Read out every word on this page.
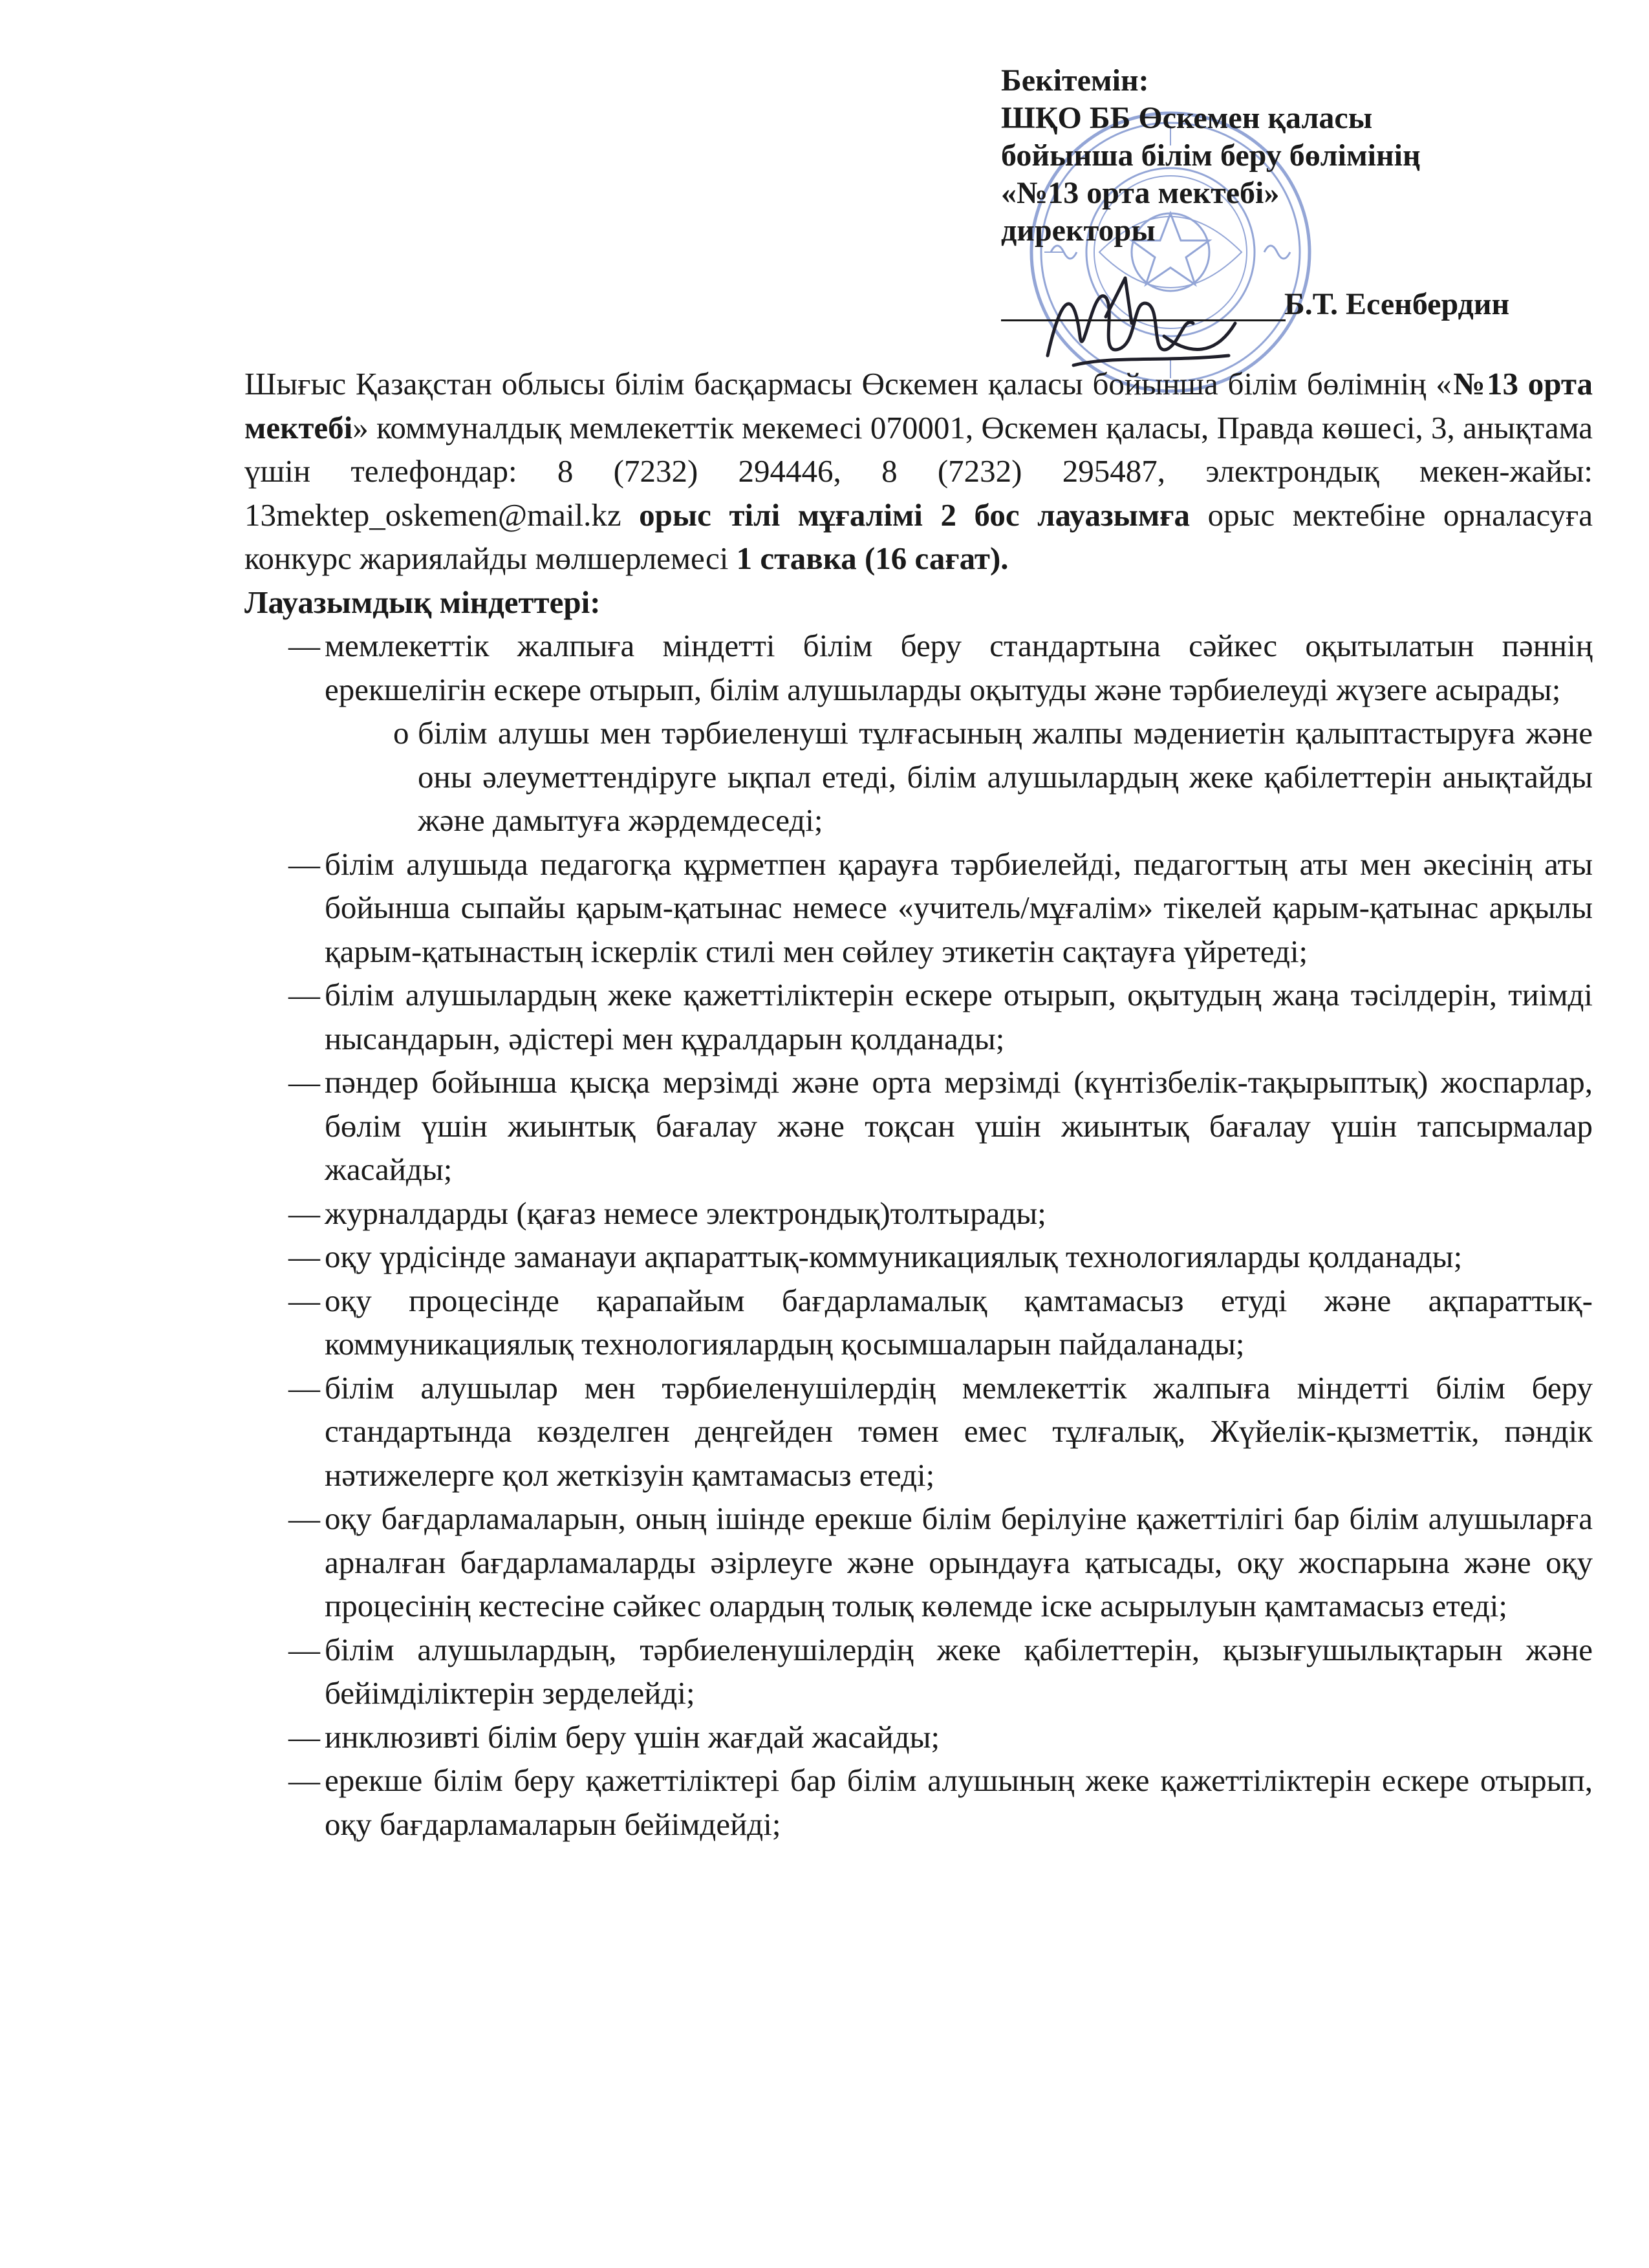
Бекітемін:
ШҚО ББ Өскемен қаласы
бойынша білім беру бөлімінің
«№13 орта мектебі»
директоры
Б.Т. Есенбердин

Шығыс Қазақстан облысы білім басқармасы Өскемен қаласы бойынша білім бөлімнің «№13 орта мектебі» коммуналдық мемлекеттік мекемесі 070001, Өскемен қаласы, Правда көшесі, 3, анықтама үшін телефондар: 8 (7232) 294446, 8 (7232) 295487, электрондық мекен-жайы: 13mektep_oskemen@mail.kz орыс тілі мұғалімі 2 бос лауазымға орыс мектебіне орналасуға конкурс жариялайды мөлшерлемесі 1 ставка (16 сағат).

Лауазымдық міндеттері:

— мемлекеттік жалпыға міндетті білім беру стандартына сәйкес оқытылатын пәннің ерекшелігін ескере отырып, білім алушыларды оқытуды және тәрбиелеуді жүзеге асырады;
o білім алушы мен тәрбиеленуші тұлғасының жалпы мәдениетін қалыптастыруға және оны әлеуметтендіруге ықпал етеді, білім алушылардың жеке қабілеттерін анықтайды және дамытуға жәрдемдеседі;
— білім алушыда педагогқа құрметпен қарауға тәрбиелейді, педагогтың аты мен әкесінің аты бойынша сыпайы қарым-қатынас немесе «учитель/мұғалім» тікелей қарым-қатынас арқылы қарым-қатынастың іскерлік стилі мен сөйлеу этикетін сақтауға үйретеді;
— білім алушылардың жеке қажеттіліктерін ескере отырып, оқытудың жаңа тәсілдерін, тиімді нысандарын, әдістері мен құралдарын қолданады;
— пәндер бойынша қысқа мерзімді және орта мерзімді (күнтізбелік-тақырыптық) жоспарлар, бөлім үшін жиынтық бағалау және тоқсан үшін жиынтық бағалау үшін тапсырмалар жасайды;
— журналдарды (қағаз немесе электрондық)толтырады;
— оқу үрдісінде заманауи ақпараттық-коммуникациялық технологияларды қолданады;
— оқу процесінде қарапайым бағдарламалық қамтамасыз етуді және ақпараттық-коммуникациялық технологиялардың қосымшаларын пайдаланады;
— білім алушылар мен тәрбиеленушілердің мемлекеттік жалпыға міндетті білім беру стандартында көзделген деңгейден төмен емес тұлғалық, Жүйелік-қызметтік, пәндік нәтижелерге қол жеткізуін қамтамасыз етеді;
— оқу бағдарламаларын, оның ішінде ерекше білім берілуіне қажеттілігі бар білім алушыларға арналған бағдарламаларды әзірлеуге және орындауға қатысады, оқу жоспарына және оқу процесінің кестесіне сәйкес олардың толық көлемде іске асырылуын қамтамасыз етеді;
— білім алушылардың, тәрбиеленушілердің жеке қабілеттерін, қызығушылықтарын және бейімділіктерін зерделейді;
— инклюзивті білім беру үшін жағдай жасайды;
— ерекше білім беру қажеттіліктері бар білім алушының жеке қажеттіліктерін ескере отырып, оқу бағдарламаларын бейімдейді;
